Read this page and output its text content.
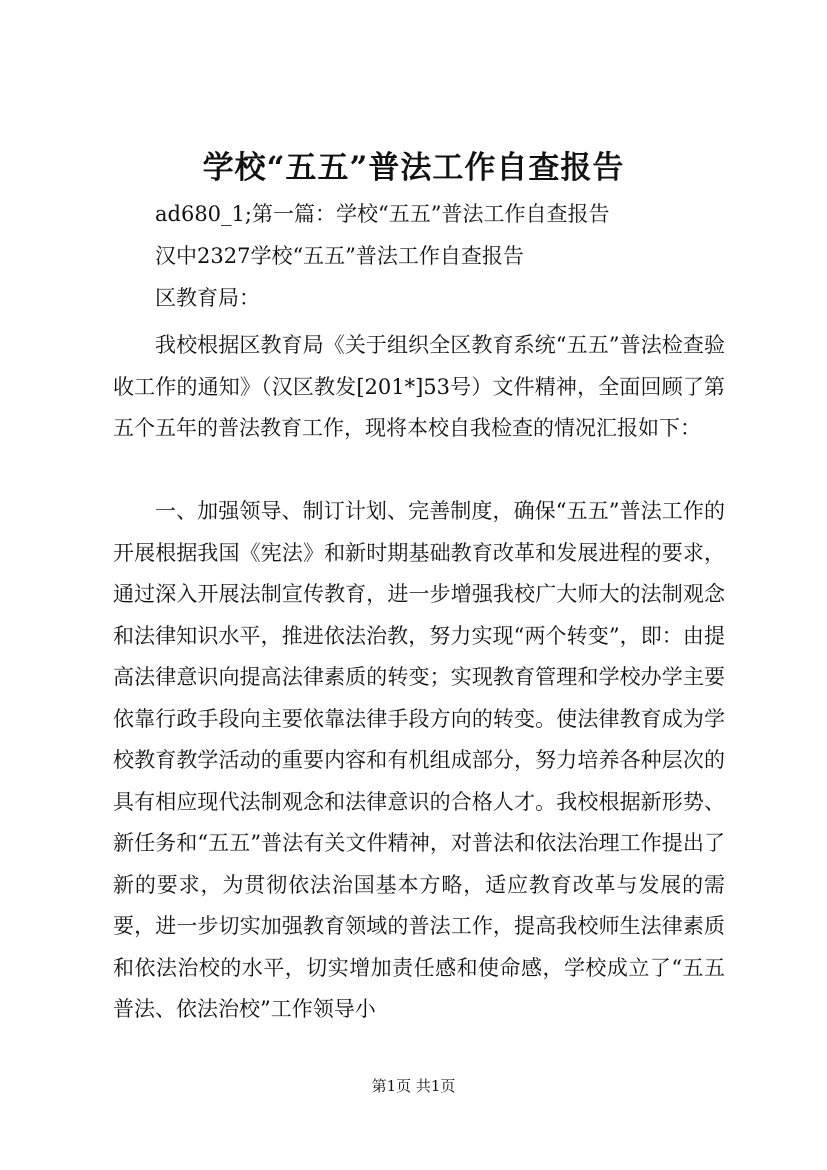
学校“五五”普法工作自查报告

ad680_1;第一篇：学校“五五”普法工作自查报告

汉中2327学校“五五”普法工作自查报告

区教育局：

我校根据区教育局《关于组织全区教育系统“五五”普法检查验收工作的通知》（汉区教发[201*]53号）文件精神，全面回顾了第五个五年的普法教育工作，现将本校自我检查的情况汇报如下：

一、加强领导、制订计划、完善制度，确保“五五”普法工作的开展根据我国《宪法》和新时期基础教育改革和发展进程的要求，通过深入开展法制宣传教育，进一步增强我校广大师大的法制观念和法律知识水平，推进依法治教，努力实现“两个转变”，即：由提高法律意识向提高法律素质的转变；实现教育管理和学校办学主要依靠行政手段向主要依靠法律手段方向的转变。使法律教育成为学校教育教学活动的重要内容和有机组成部分，努力培养各种层次的具有相应现代法制观念和法律意识的合格人才。我校根据新形势、新任务和“五五”普法有关文件精神，对普法和依法治理工作提出了新的要求，为贯彻依法治国基本方略，适应教育改革与发展的需要，进一步切实加强教育领域的普法工作，提高我校师生法律素质和依法治校的水平，切实增加责任感和使命感，学校成立了“五五普法、依法治校”工作领导小

第1页 共1页
